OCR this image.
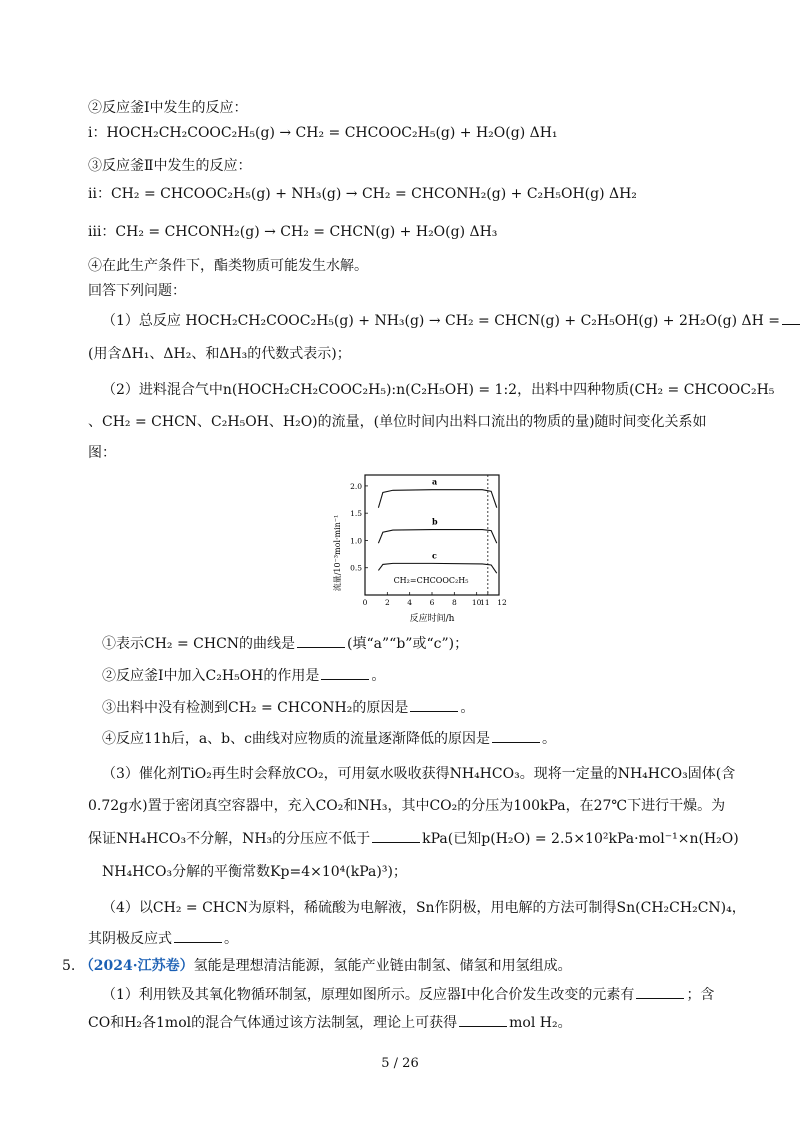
②反应釜Ⅰ中发生的反应：
ⅰ：HOCH₂CH₂COOC₂H₅(g) → CH₂ = CHCOOC₂H₅(g) + H₂O(g) ΔH₁
③反应釜Ⅱ中发生的反应：
ⅱ：CH₂ = CHCOOC₂H₅(g) + NH₃(g) → CH₂ = CHCONH₂(g) + C₂H₅OH(g) ΔH₂
ⅲ：CH₂ = CHCONH₂(g) → CH₂ = CHCN(g) + H₂O(g) ΔH₃
④在此生产条件下，酯类物质可能发生水解。
回答下列问题：
（1）总反应 HOCH₂CH₂COOC₂H₅(g) + NH₃(g) → CH₂ = CHCN(g) + C₂H₅OH(g) + 2H₂O(g) ΔH =
(用含ΔH₁、ΔH₂、和ΔH₃的代数式表示)；
（2）进料混合气中n(HOCH₂CH₂COOC₂H₅):n(C₂H₅OH) = 1:2，出料中四种物质(CH₂ = CHCOOC₂H₅
、CH₂ = CHCN、C₂H₅OH、H₂O)的流量，(单位时间内出料口流出的物质的量)随时间变化关系如
图：
a
b
c
0 2 4 6 8 10
11 12
0.5
1.0
1.5
2.0
流量/10⁻³mol·min⁻¹
反应时间/h
CH₂=CHCOOC₂H₅
①表示CH₂ = CHCN的曲线是	(填“a”“b”或“c”)；
②反应釜Ⅰ中加入C₂H₅OH的作用是	。
③出料中没有检测到CH₂ = CHCONH₂的原因是	。
④反应11h后，a、b、c曲线对应物质的流量逐渐降低的原因是	。
（3）催化剂TiO₂再生时会释放CO₂，可用氨水吸收获得NH₄HCO₃。现将一定量的NH₄HCO₃固体(含
0.72g水)置于密闭真空容器中，充入CO₂和NH₃，其中CO₂的分压为100kPa，在27℃下进行干燥。为
保证NH₄HCO₃不分解，NH₃的分压应不低于	kPa(已知p(H₂O) = 2.5×10²kPa·mol⁻¹×n(H₂O)
NH₄HCO₃分解的平衡常数Kp=4×10⁴(kPa)³)；
（4）以CH₂ = CHCN为原料，稀硫酸为电解液，Sn作阴极，用电解的方法可制得Sn(CH₂CH₂CN)₄，
其阴极反应式	。
5. （2024·江苏卷）氢能是理想清洁能源，氢能产业链由制氢、储氢和用氢组成。
（1）利用铁及其氧化物循环制氢，原理如图所示。反应器Ⅰ中化合价发生改变的元素有	；含
CO和H₂各1mol的混合气体通过该方法制氢，理论上可获得	mol H₂。
5 / 26
